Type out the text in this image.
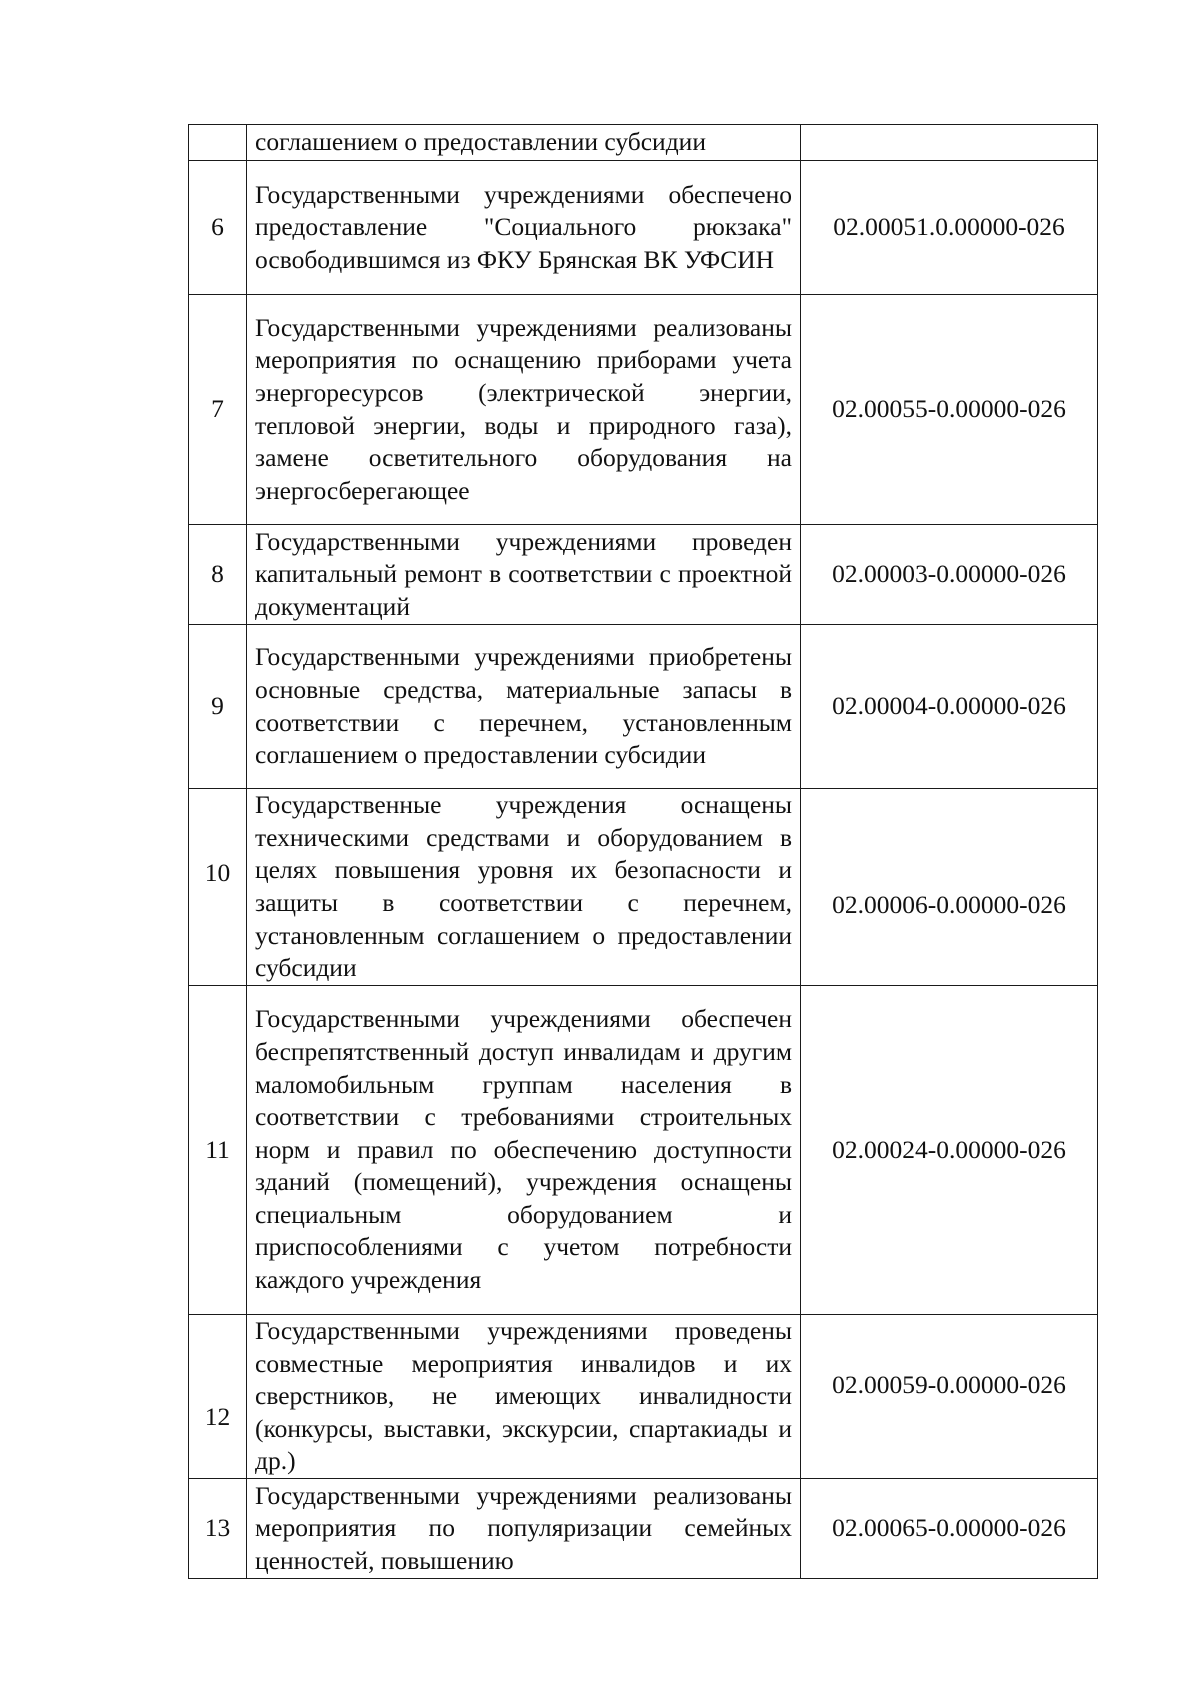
	соглашением о предоставлении субсидии	
6	Государственными учреждениями обеспечено предоставление "Социального рюкзака" освободившимся из ФКУ Брянская ВК УФСИН	02.00051.0.00000-026
7	Государственными учреждениями реализованы мероприятия по оснащению приборами учета энергоресурсов (электрической энергии, тепловой энергии, воды и природного газа), замене осветительного оборудования на энергосберегающее	02.00055-0.00000-026
8	Государственными учреждениями проведен капитальный ремонт в соответствии с проектной документаций	02.00003-0.00000-026
9	Государственными учреждениями приобретены основные средства, материальные запасы в соответствии с перечнем, установленным соглашением о предоставлении субсидии	02.00004-0.00000-026
10	Государственные учреждения оснащены техническими средствами и оборудованием в целях повышения уровня их безопасности и защиты в соответствии с перечнем, установленным соглашением о предоставлении субсидии	02.00006-0.00000-026
11	Государственными учреждениями обеспечен беспрепятственный доступ инвалидам и другим маломобильным группам населения в соответствии с требованиями строительных норм и правил по обеспечению доступности зданий (помещений), учреждения оснащены специальным оборудованием и приспособлениями с учетом потребности каждого учреждения	02.00024-0.00000-026
12	Государственными учреждениями проведены совместные мероприятия инвалидов и их сверстников, не имеющих инвалидности (конкурсы, выставки, экскурсии, спартакиады и др.)	02.00059-0.00000-026
13	Государственными учреждениями реализованы мероприятия по популяризации семейных ценностей, повышению	02.00065-0.00000-026
